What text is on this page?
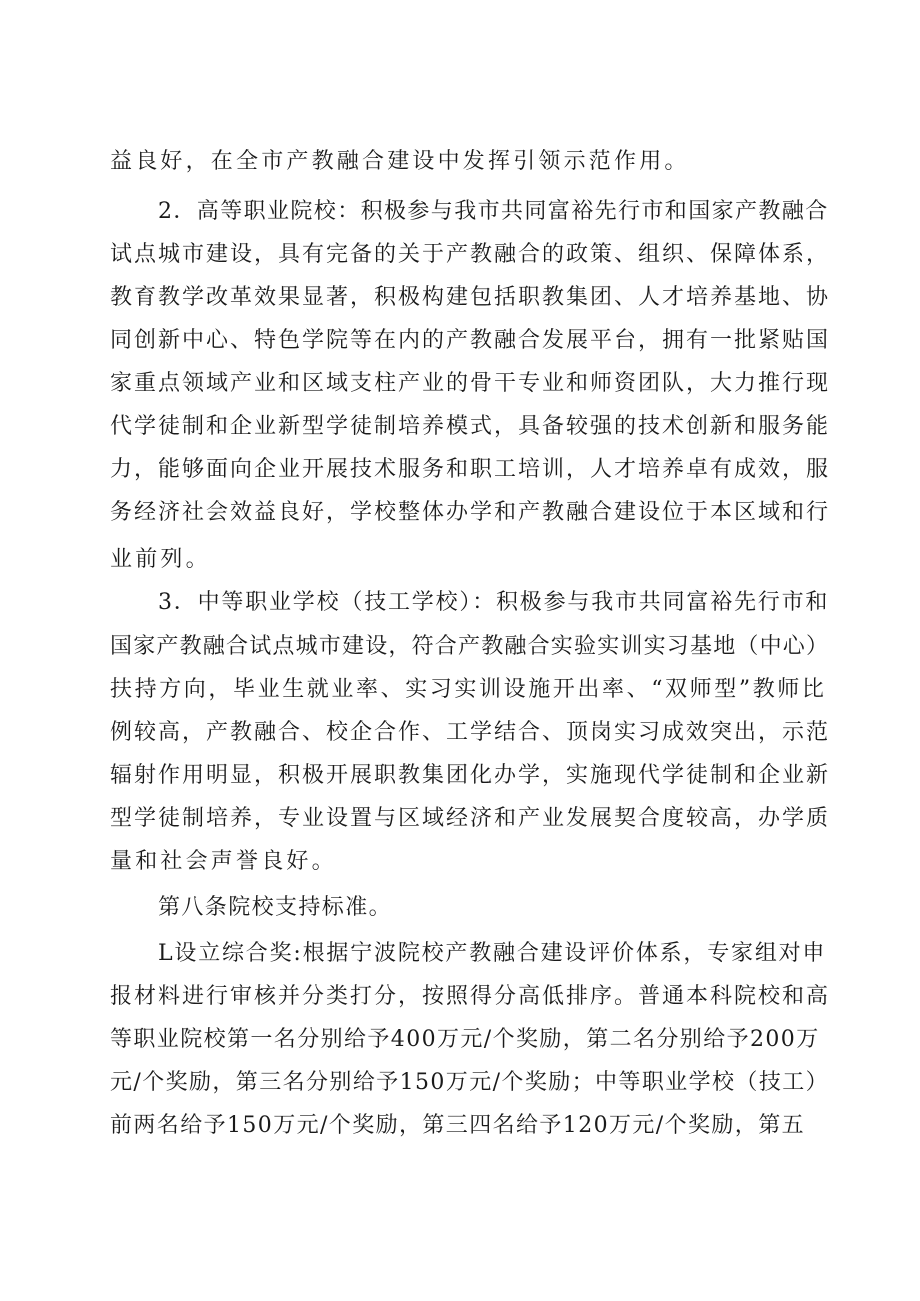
益良好，在全市产教融合建设中发挥引领示范作用。
2．高等职业院校：积极参与我市共同富裕先行市和国家产教融合
试点城市建设，具有完备的关于产教融合的政策、组织、保障体系，
教育教学改革效果显著，积极构建包括职教集团、人才培养基地、协
同创新中心、特色学院等在内的产教融合发展平台，拥有一批紧贴国
家重点领域产业和区域支柱产业的骨干专业和师资团队，大力推行现
代学徒制和企业新型学徒制培养模式，具备较强的技术创新和服务能
力，能够面向企业开展技术服务和职工培训，人才培养卓有成效，服
务经济社会效益良好，学校整体办学和产教融合建设位于本区域和行
业前列。
3．中等职业学校（技工学校）：积极参与我市共同富裕先行市和
国家产教融合试点城市建设，符合产教融合实验实训实习基地（中心）
扶持方向，毕业生就业率、实习实训设施开出率、“双师型”教师比
例较高，产教融合、校企合作、工学结合、顶岗实习成效突出，示范
辐射作用明显，积极开展职教集团化办学，实施现代学徒制和企业新
型学徒制培养，专业设置与区域经济和产业发展契合度较高，办学质
量和社会声誉良好。
第八条院校支持标准。
L设立综合奖:根据宁波院校产教融合建设评价体系，专家组对申
报材料进行审核并分类打分，按照得分高低排序。普通本科院校和高
等职业院校第一名分别给予400万元/个奖励，第二名分别给予200万
元/个奖励，第三名分别给予150万元/个奖励；中等职业学校（技工）
前两名给予150万元/个奖励，第三四名给予120万元/个奖励，第五
